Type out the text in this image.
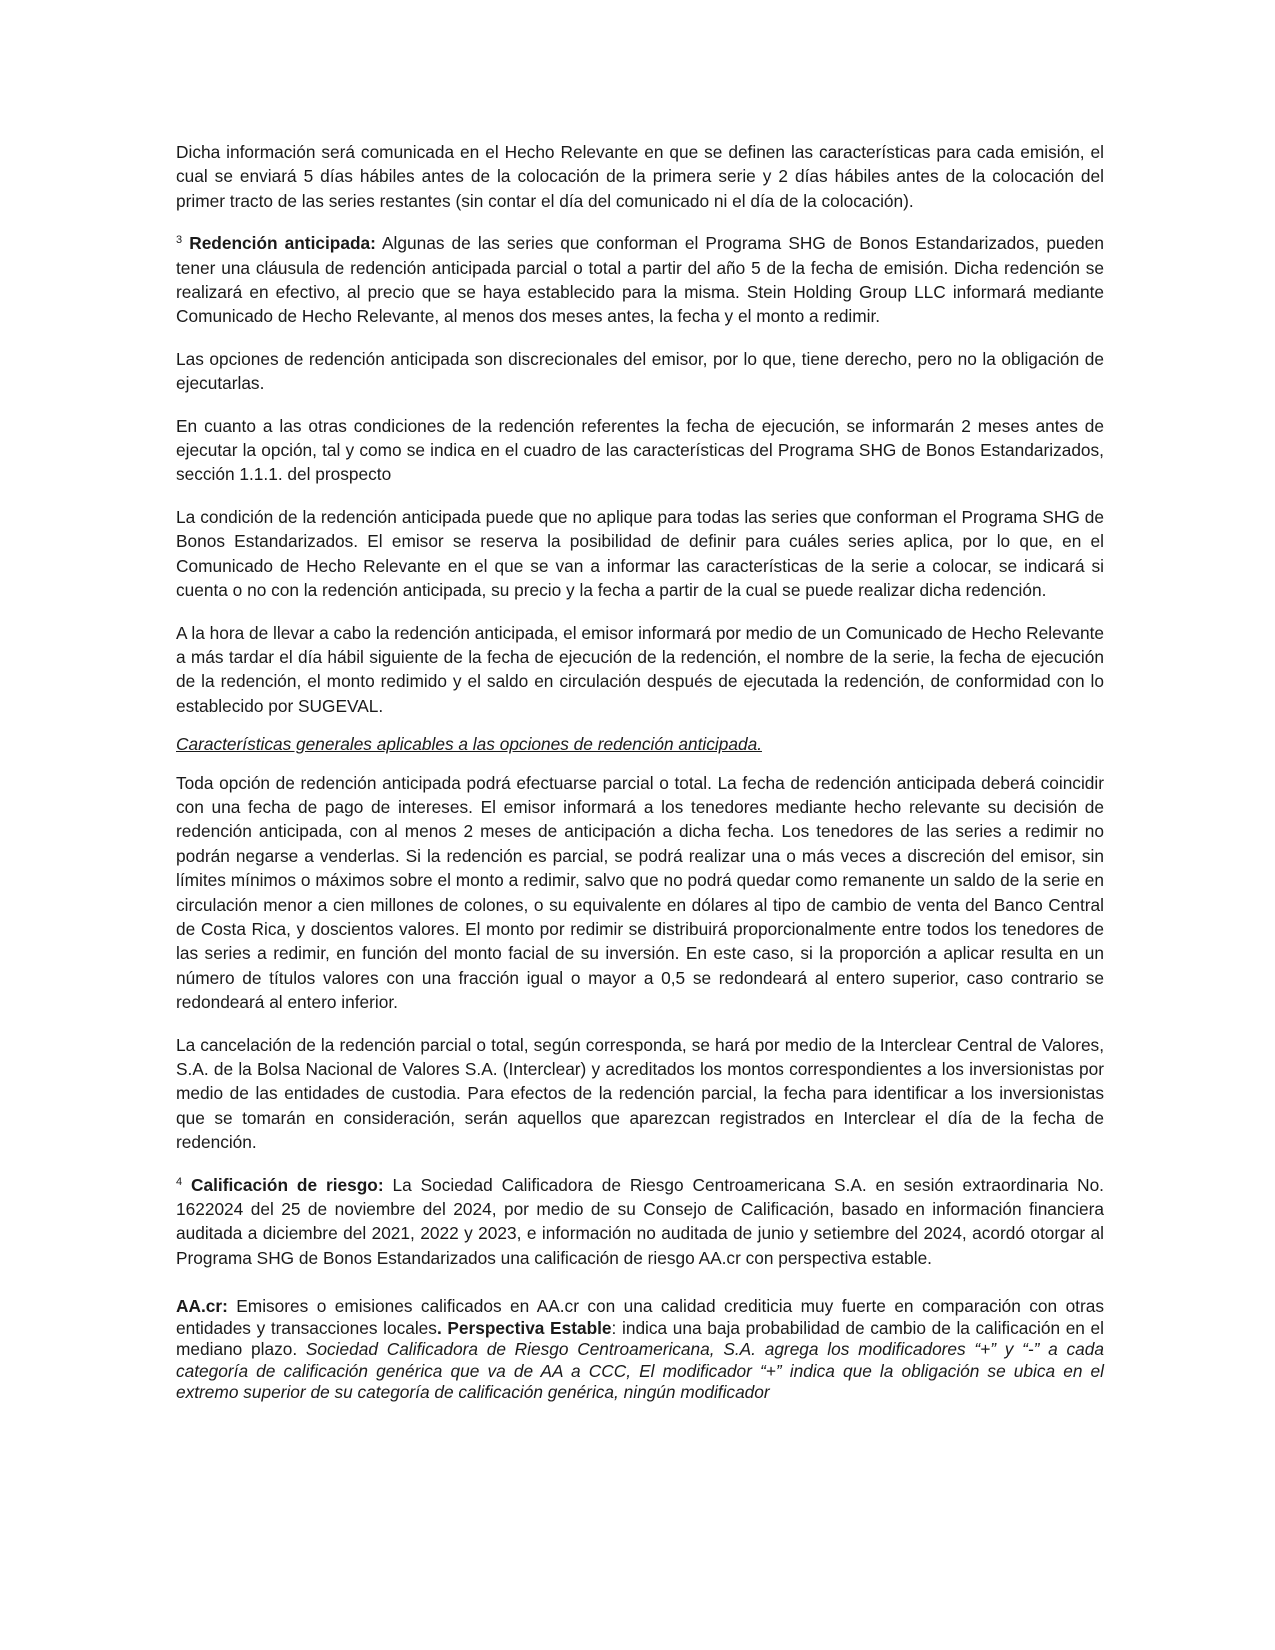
Dicha información será comunicada en el Hecho Relevante en que se definen las características para cada emisión, el cual se enviará 5 días hábiles antes de la colocación de la primera serie y 2 días hábiles antes de la colocación del primer tracto de las series restantes (sin contar el día del comunicado ni el día de la colocación).

$^3$ Redención anticipada: Algunas de las series que conforman el Programa SHG de Bonos Estandarizados, pueden tener una cláusula de redención anticipada parcial o total a partir del año 5 de la fecha de emisión. Dicha redención se realizará en efectivo, al precio que se haya establecido para la misma. Stein Holding Group LLC informará mediante Comunicado de Hecho Relevante, al menos dos meses antes, la fecha y el monto a redimir.

Las opciones de redención anticipada son discrecionales del emisor, por lo que, tiene derecho, pero no la obligación de ejecutarlas.

En cuanto a las otras condiciones de la redención referentes la fecha de ejecución, se informarán 2 meses antes de ejecutar la opción, tal y como se indica en el cuadro de las características del Programa SHG de Bonos Estandarizados, sección 1.1.1. del prospecto

La condición de la redención anticipada puede que no aplique para todas las series que conforman el Programa SHG de Bonos Estandarizados. El emisor se reserva la posibilidad de definir para cuáles series aplica, por lo que, en el Comunicado de Hecho Relevante en el que se van a informar las características de la serie a colocar, se indicará si cuenta o no con la redención anticipada, su precio y la fecha a partir de la cual se puede realizar dicha redención.

A la hora de llevar a cabo la redención anticipada, el emisor informará por medio de un Comunicado de Hecho Relevante a más tardar el día hábil siguiente de la fecha de ejecución de la redención, el nombre de la serie, la fecha de ejecución de la redención, el monto redimido y el saldo en circulación después de ejecutada la redención, de conformidad con lo establecido por SUGEVAL.

Características generales aplicables a las opciones de redención anticipada.

Toda opción de redención anticipada podrá efectuarse parcial o total. La fecha de redención anticipada deberá coincidir con una fecha de pago de intereses. El emisor informará a los tenedores mediante hecho relevante su decisión de redención anticipada, con al menos 2 meses de anticipación a dicha fecha. Los tenedores de las series a redimir no podrán negarse a venderlas. Si la redención es parcial, se podrá realizar una o más veces a discreción del emisor, sin límites mínimos o máximos sobre el monto a redimir, salvo que no podrá quedar como remanente un saldo de la serie en circulación menor a cien millones de colones, o su equivalente en dólares al tipo de cambio de venta del Banco Central de Costa Rica, y doscientos valores. El monto por redimir se distribuirá proporcionalmente entre todos los tenedores de las series a redimir, en función del monto facial de su inversión. En este caso, si la proporción a aplicar resulta en un número de títulos valores con una fracción igual o mayor a 0,5 se redondeará al entero superior, caso contrario se redondeará al entero inferior.

La cancelación de la redención parcial o total, según corresponda, se hará por medio de la Interclear Central de Valores, S.A. de la Bolsa Nacional de Valores S.A. (Interclear) y acreditados los montos correspondientes a los inversionistas por medio de las entidades de custodia. Para efectos de la redención parcial, la fecha para identificar a los inversionistas que se tomarán en consideración, serán aquellos que aparezcan registrados en Interclear el día de la fecha de redención.

$^4$ Calificación de riesgo: La Sociedad Calificadora de Riesgo Centroamericana S.A. en sesión extraordinaria No. 1622024 del 25 de noviembre del 2024, por medio de su Consejo de Calificación, basado en información financiera auditada a diciembre del 2021, 2022 y 2023, e información no auditada de junio y setiembre del 2024, acordó otorgar al Programa SHG de Bonos Estandarizados una calificación de riesgo AA.cr con perspectiva estable.

AA.cr: Emisores o emisiones calificados en AA.cr con una calidad crediticia muy fuerte en comparación con otras entidades y transacciones locales. Perspectiva Estable: indica una baja probabilidad de cambio de la calificación en el mediano plazo. Sociedad Calificadora de Riesgo Centroamericana, S.A. agrega los modificadores “+” y “-” a cada categoría de calificación genérica que va de AA a CCC, El modificador “+” indica que la obligación se ubica en el extremo superior de su categoría de calificación genérica, ningún modificador
